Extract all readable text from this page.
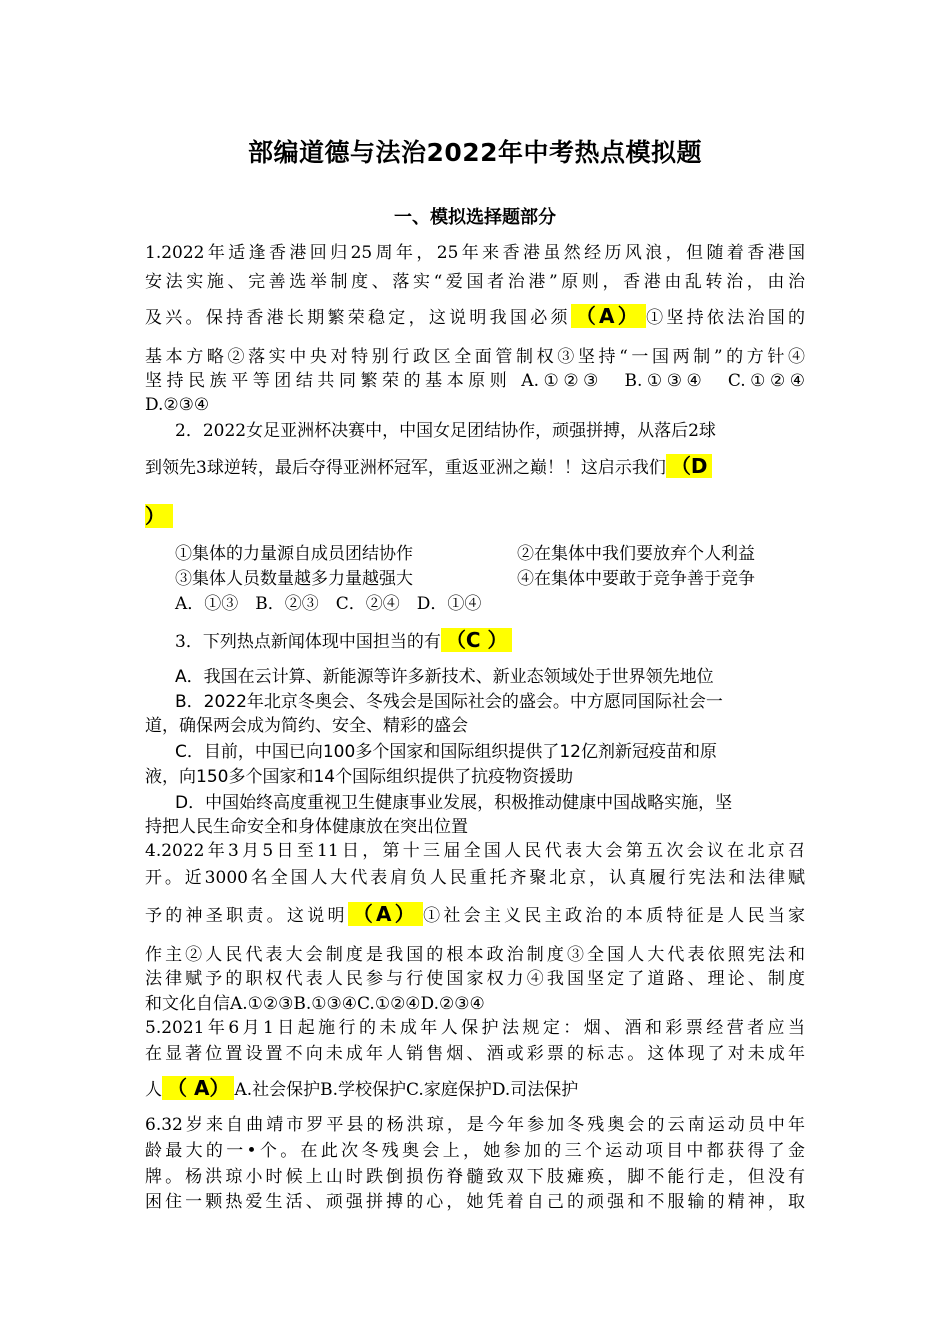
部编道德与法治2022年中考热点模拟题
一、模拟选择题部分
1.2022年适逢香港回归25周年，25年来香港虽然经历风浪，但随着香港国
安法实施、完善选举制度、落实“爱国者治港”原则，香港由乱转治，由治
及兴。保持香港长期繁荣稳定，这说明我国必须 （A） ①坚持依法治国的
基本方略②落实中央对特别行政区全面管制权③坚持“一国两制”的方针④
坚持民族平等团结共同繁荣的基本原则 A.①②③　B.①③④　C.①②④
D.②③④
2．2022女足亚洲杯决赛中，中国女足团结协作，顽强拼搏，从落后2球
到领先3球逆转，最后夺得亚洲杯冠军，重返亚洲之巅！！这启示我们 （D
）
①集体的力量源自成员团结协作	②在集体中我们要放弃个人利益
③集体人员数量越多力量越强大	④在集体中要敢于竞争善于竞争
A．①③　B．②③　C．②④　D．①④
3．下列热点新闻体现中国担当的有 （C ）
A．我国在云计算、新能源等许多新技术、新业态领域处于世界领先地位
B．2022年北京冬奥会、冬残会是国际社会的盛会。中方愿同国际社会一
道，确保两会成为简约、安全、精彩的盛会
C．目前，中国已向100多个国家和国际组织提供了12亿剂新冠疫苗和原
液，向150多个国家和14个国际组织提供了抗疫物资援助
D．中国始终高度重视卫生健康事业发展，积极推动健康中国战略实施，坚
持把人民生命安全和身体健康放在突出位置
4.2022年3月5日至11日，第十三届全国人民代表大会第五次会议在北京召
开。近3000名全国人大代表肩负人民重托齐聚北京，认真履行宪法和法律赋
予的神圣职责。这说明 （A） ①社会主义民主政治的本质特征是人民当家
作主②人民代表大会制度是我国的根本政治制度③全国人大代表依照宪法和
法律赋予的职权代表人民参与行使国家权力④我国坚定了道路、理论、制度
和文化自信A.①②③B.①③④C.①②④D.②③④
5.2021年6月1日起施行的未成年人保护法规定：烟、酒和彩票经营者应当
在显著位置设置不向未成年人销售烟、酒或彩票的标志。这体现了对未成年
人 （ A） A.社会保护B.学校保护C.家庭保护D.司法保护
6.32岁来自曲靖市罗平县的杨洪琼，是今年参加冬残奥会的云南运动员中年
龄最大的一•个。在此次冬残奥会上，她参加的三个运动项目中都获得了金
牌。杨洪琼小时候上山时跌倒损伤脊髓致双下肢瘫痪，脚不能行走，但没有
困住一颗热爱生活、顽强拼搏的心，她凭着自己的顽强和不服输的精神，取
